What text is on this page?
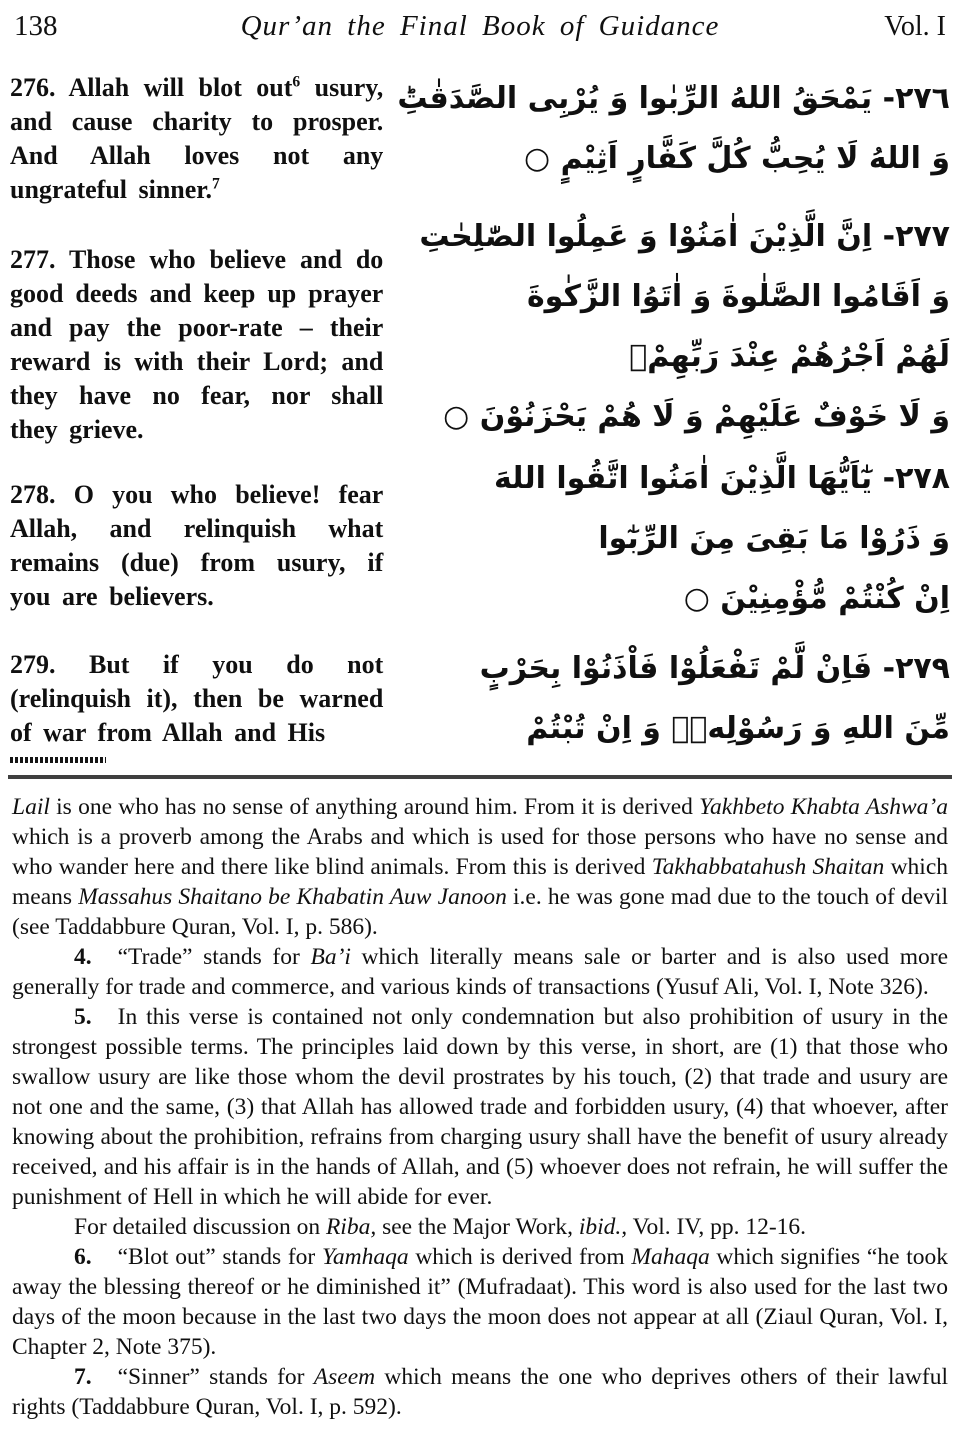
138	Qur’an the Final Book of Guidance	Vol. I

276. Allah will blot out$^6$ usury, and cause charity to prosper. And Allah loves not any ungrateful sinner.$^7$

277. Those who believe and do good deeds and keep up prayer and pay the poor-rate – their reward is with their Lord; and they have no fear, nor shall they grieve.

278. O you who believe! fear Allah, and relinquish what remains (due) from usury, if you are believers.

279. But if you do not (relinquish it), then be warned of war from Allah and His

٢٧٦- يَمْحَقُ اللهُ الرِّبٰوا وَ يُرْبِى الصَّدَقٰتِؕ
وَ اللهُ لَا يُحِبُّ كُلَّ كَفَّارٍ اَثِيْمٍ ○
٢٧٧- اِنَّ الَّذِيْنَ اٰمَنُوْا وَ عَمِلُوا الصّٰلِحٰتِ
وَ اَقَامُوا الصَّلٰوةَ وَ اٰتَوُا الزَّكٰوةَ
لَهُمْ اَجْرُهُمْ عِنْدَ رَبِّهِمْۚ
وَ لَا خَوْفٌ عَلَيْهِمْ وَ لَا هُمْ يَحْزَنُوْنَ ○
٢٧٨- يٰٓاَيُّهَا الَّذِيْنَ اٰمَنُوا اتَّقُوا اللهَ
وَ ذَرُوْا مَا بَقِىَ مِنَ الرِّبٰٓوا
اِنْ كُنْتُمْ مُّؤْمِنِيْنَ ○
٢٧٩- فَاِنْ لَّمْ تَفْعَلُوْا فَاْذَنُوْا بِحَرْبٍ
مِّنَ اللهِ وَ رَسُوْلِهٖۚ وَ اِنْ تُبْتُمْ

Lail is one who has no sense of anything around him. From it is derived Yakhbeto Khabta Ashwa’a which is a proverb among the Arabs and which is used for those persons who have no sense and who wander here and there like blind animals. From this is derived Takhabbatahush Shaitan which means Massahus Shaitano be Khabatin Auw Janoon i.e. he was gone mad due to the touch of devil (see Taddabbure Quran, Vol. I, p. 586).

4. “Trade” stands for Ba’i which literally means sale or barter and is also used more generally for trade and commerce, and various kinds of transactions (Yusuf Ali, Vol. I, Note 326).

5. In this verse is contained not only condemnation but also prohibition of usury in the strongest possible terms. The principles laid down by this verse, in short, are (1) that those who swallow usury are like those whom the devil prostrates by his touch, (2) that trade and usury are not one and the same, (3) that Allah has allowed trade and forbidden usury, (4) that whoever, after knowing about the prohibition, refrains from charging usury shall have the benefit of usury already received, and his affair is in the hands of Allah, and (5) whoever does not refrain, he will suffer the punishment of Hell in which he will abide for ever.

For detailed discussion on Riba, see the Major Work, ibid., Vol. IV, pp. 12-16.

6. “Blot out” stands for Yamhaqa which is derived from Mahaqa which signifies “he took away the blessing thereof or he diminished it” (Mufradaat). This word is also used for the last two days of the moon because in the last two days the moon does not appear at all (Ziaul Quran, Vol. I, Chapter 2, Note 375).

7. “Sinner” stands for Aseem which means the one who deprives others of their lawful rights (Taddabbure Quran, Vol. I, p. 592).
